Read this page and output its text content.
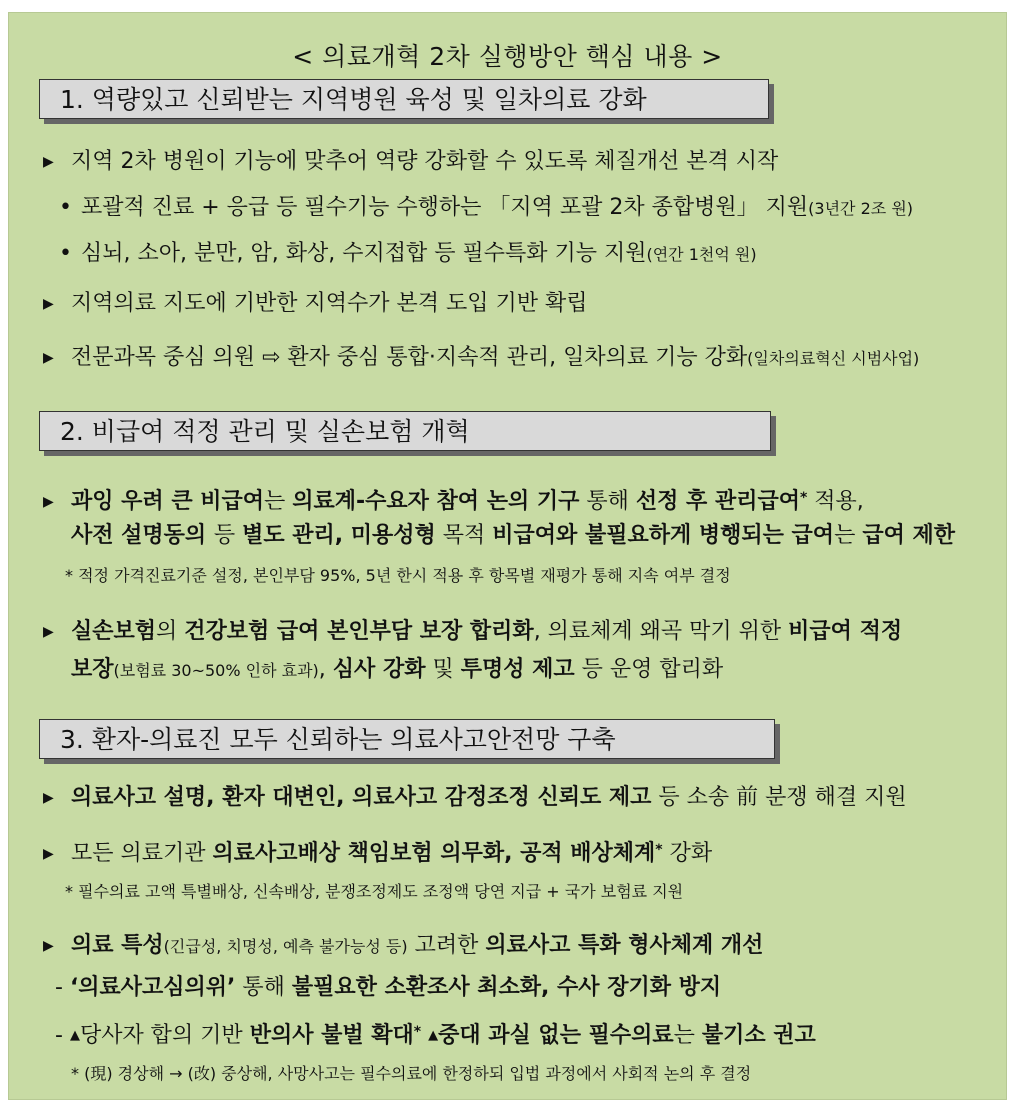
< 의료개혁 2차 실행방안 핵심 내용 >
1. 역량있고 신뢰받는 지역병원 육성 및 일차의료 강화
▶ 지역 2차 병원이 기능에 맞추어 역량 강화할 수 있도록 체질개선 본격 시작
• 포괄적 진료 + 응급 등 필수기능 수행하는 「지역 포괄 2차 종합병원」 지원(3년간 2조 원)
• 심뇌, 소아, 분만, 암, 화상, 수지접합 등 필수특화 기능 지원(연간 1천억 원)
▶ 지역의료 지도에 기반한 지역수가 본격 도입 기반 확립
▶ 전문과목 중심 의원 ⇨ 환자 중심 통합·지속적 관리, 일차의료 기능 강화(일차의료혁신 시범사업)
2. 비급여 적정 관리 및 실손보험 개혁
▶ 과잉 우려 큰 비급여는 의료계-수요자 참여 논의 기구 통해 선정 후 관리급여* 적용,
사전 설명동의 등 별도 관리, 미용성형 목적 비급여와 불필요하게 병행되는 급여는 급여 제한
* 적정 가격진료기준 설정, 본인부담 95%, 5년 한시 적용 후 항목별 재평가 통해 지속 여부 결정
▶ 실손보험의 건강보험 급여 본인부담 보장 합리화, 의료체계 왜곡 막기 위한 비급여 적정
보장(보험료 30~50% 인하 효과), 심사 강화 및 투명성 제고 등 운영 합리화
3. 환자-의료진 모두 신뢰하는 의료사고안전망 구축
▶ 의료사고 설명, 환자 대변인, 의료사고 감정조정 신뢰도 제고 등 소송 前 분쟁 해결 지원
▶ 모든 의료기관 의료사고배상 책임보험 의무화, 공적 배상체계* 강화
* 필수의료 고액 특별배상, 신속배상, 분쟁조정제도 조정액 당연 지급 + 국가 보험료 지원
▶ 의료 특성(긴급성, 치명성, 예측 불가능성 등) 고려한 의료사고 특화 형사체계 개선
- ‘의료사고심의위’ 통해 불필요한 소환조사 최소화, 수사 장기화 방지
- ▲당사자 합의 기반 반의사 불벌 확대* ▲중대 과실 없는 필수의료는 불기소 권고
* (現) 경상해 → (改) 중상해, 사망사고는 필수의료에 한정하되 입법 과정에서 사회적 논의 후 결정
